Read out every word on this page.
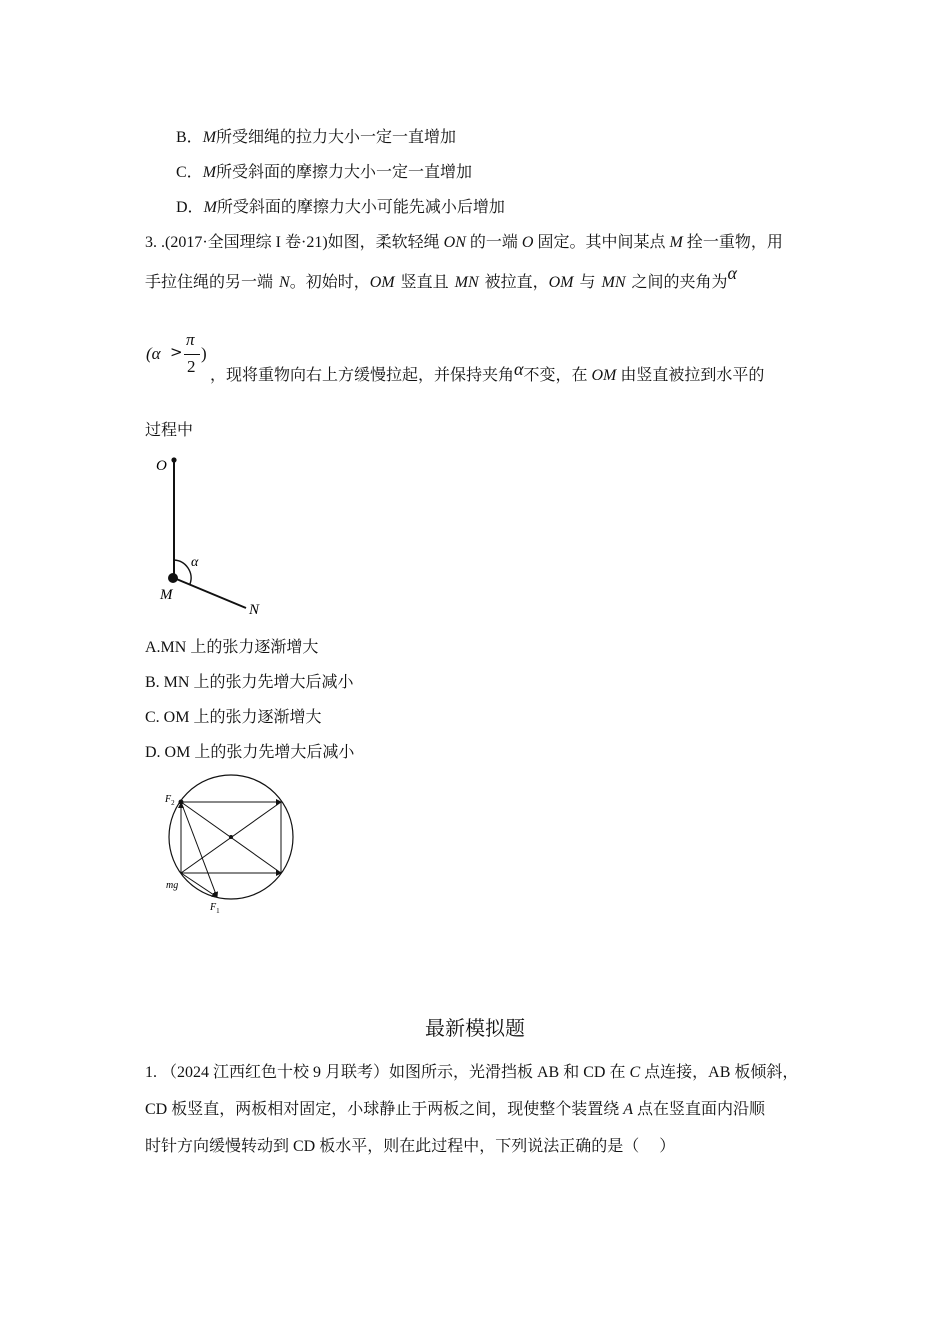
B．M所受细绳的拉力大小一定一直增加
C．M所受斜面的摩擦力大小一定一直增加
D．M所受斜面的摩擦力大小可能先减小后增加
3. .(2017·全国理综 I 卷·21)如图，柔软轻绳 ON 的一端 O 固定。其中间某点 M 拴一重物，用
手拉住绳的另一端 N。初始时，OM 竖直且 MN 被拉直，OM 与 MN 之间的夹角为α
(α >
π
2
)
，现将重物向右上方缓慢拉起，并保持夹角α不变，在 OM 由竖直被拉到水平的
过程中
O
α
M
N
A.MN 上的张力逐渐增大
B. MN 上的张力先增大后减小
C. OM 上的张力逐渐增大
D. OM 上的张力先增大后减小
$F_2$
mg
$F_1$
最新模拟题
1. （2024 江西红色十校 9 月联考）如图所示，光滑挡板 AB 和 CD 在 C 点连接，AB 板倾斜，
CD 板竖直，两板相对固定，小球静止于两板之间，现使整个装置绕 A 点在竖直面内沿顺
时针方向缓慢转动到 CD 板水平，则在此过程中，下列说法正确的是（　 ）
